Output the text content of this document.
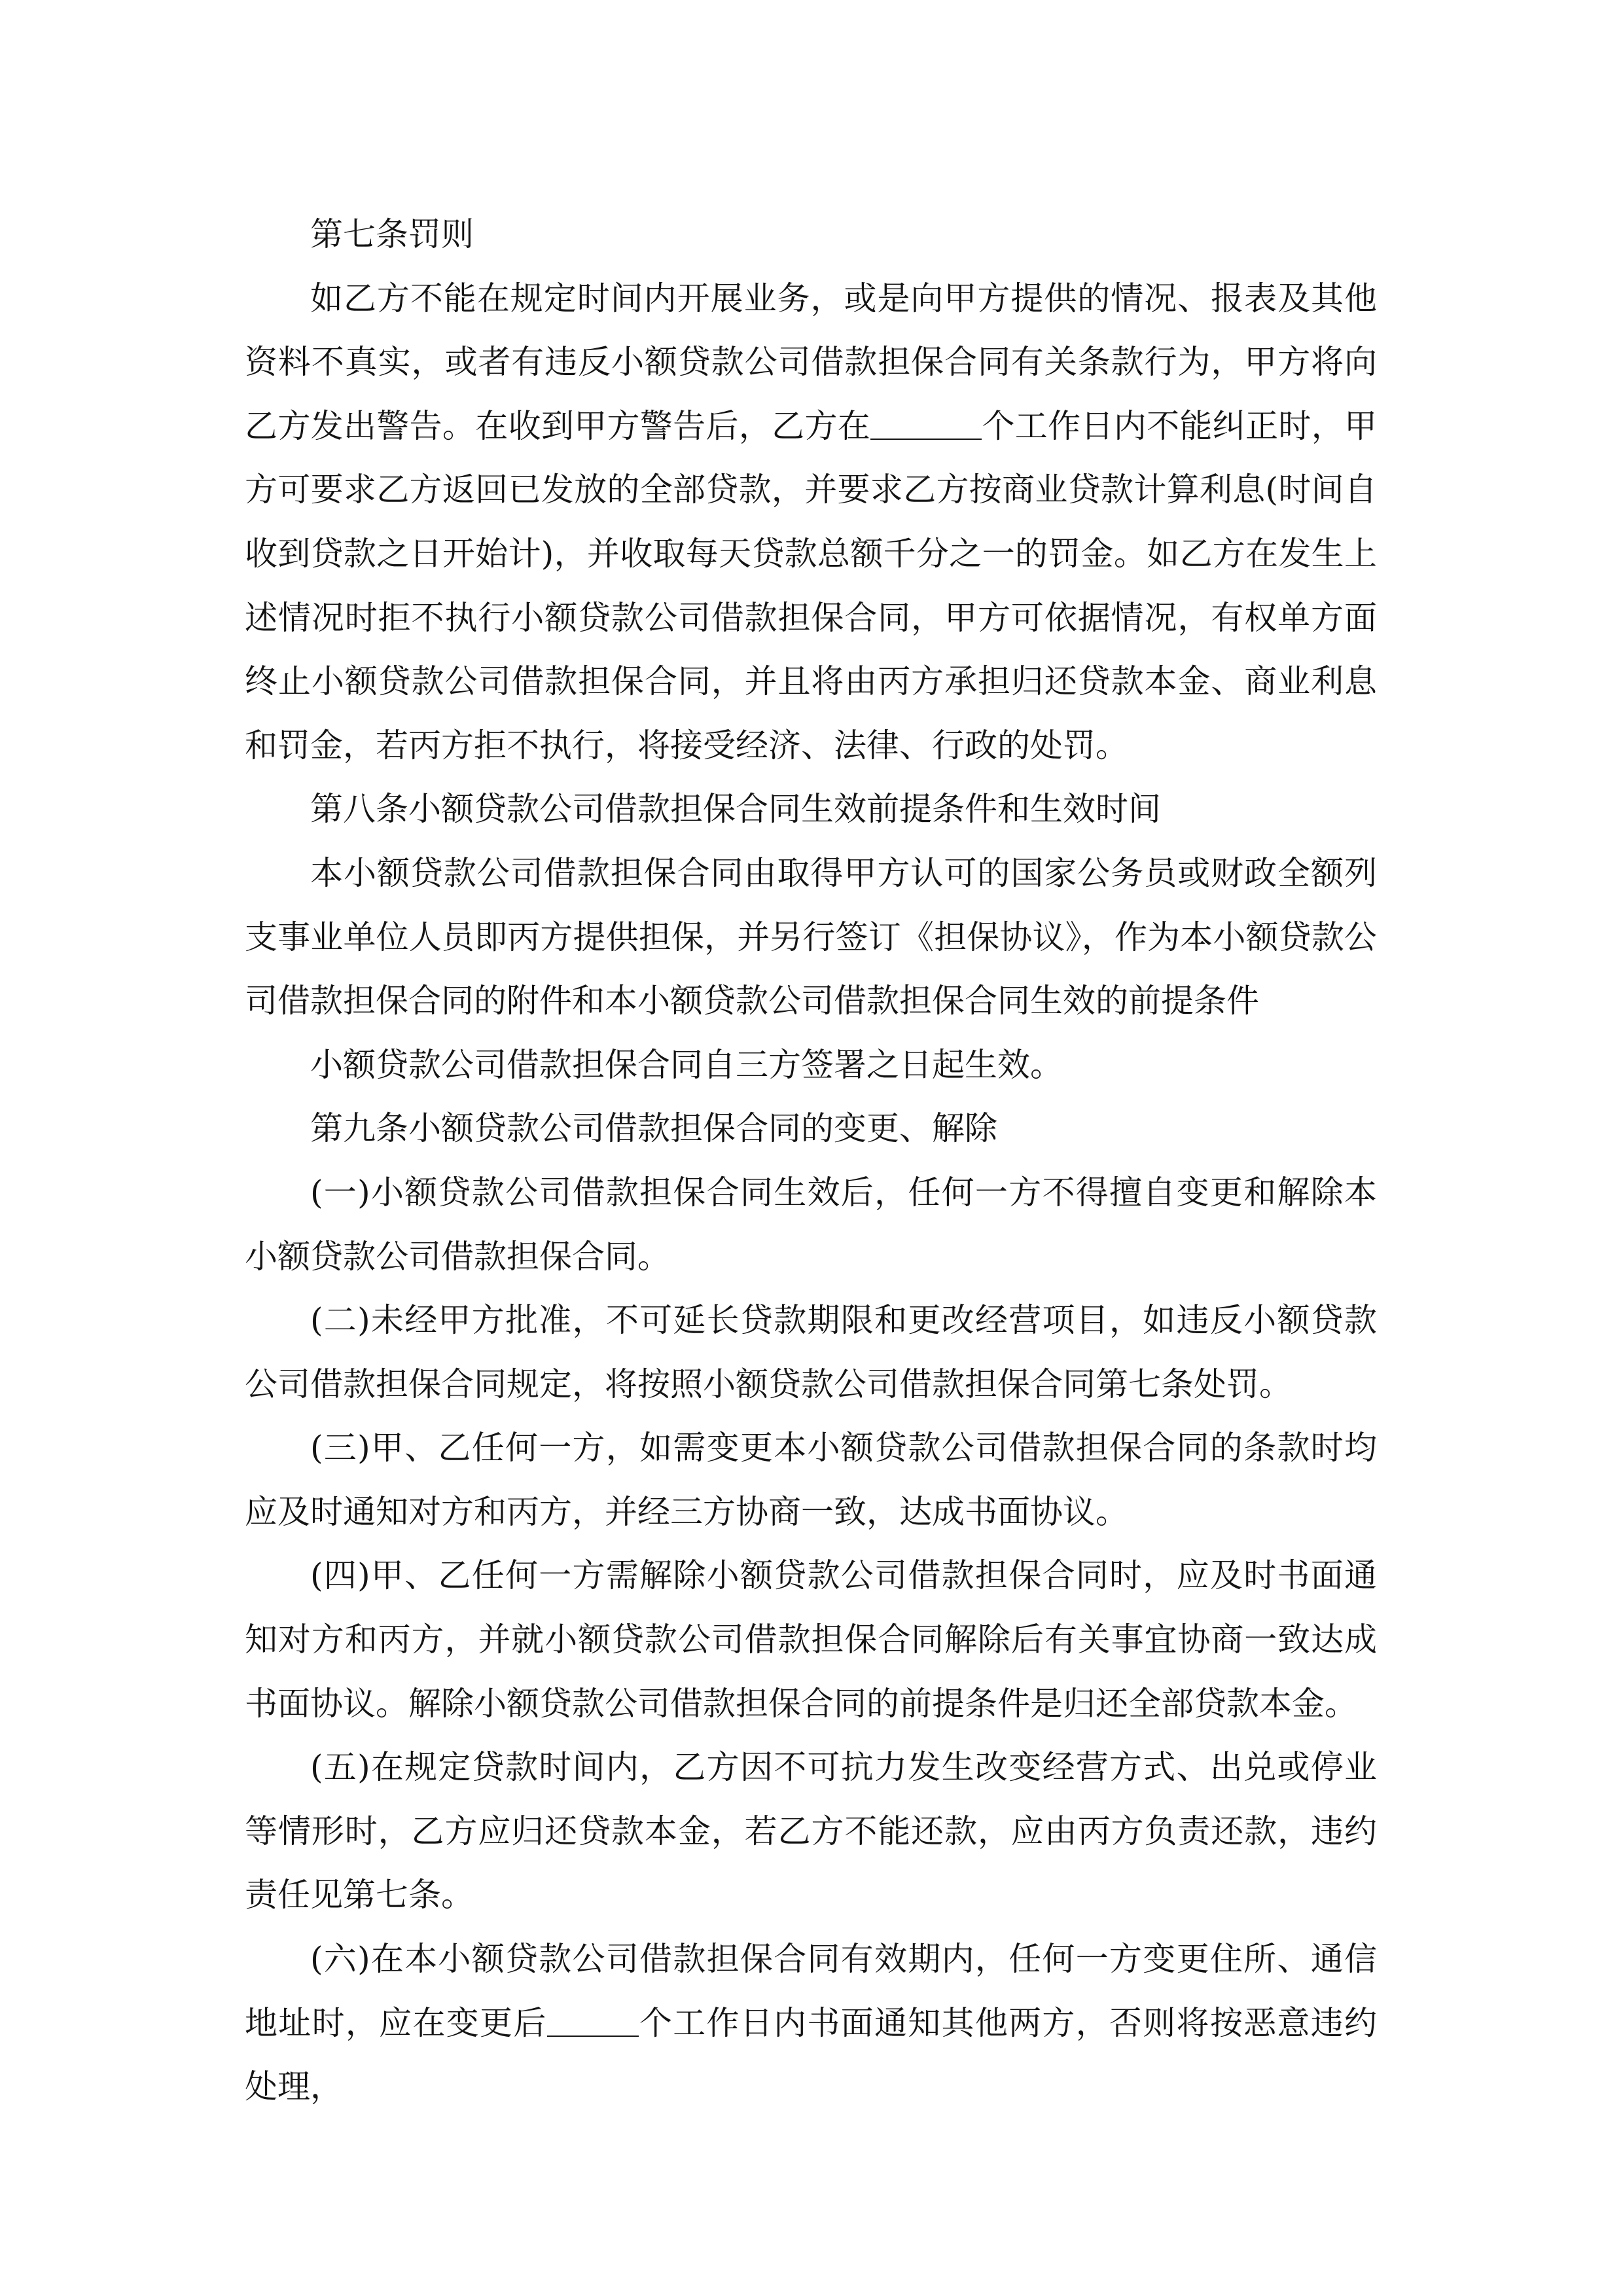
第七条罚则

如乙方不能在规定时间内开展业务，或是向甲方提供的情况、报表及其他资料不真实，或者有违反小额贷款公司借款担保合同有关条款行为，甲方将向乙方发出警告。在收到甲方警告后，乙方在	个工作日内不能纠正时，甲方可要求乙方返回已发放的全部贷款，并要求乙方按商业贷款计算利息(时间自收到贷款之日开始计)，并收取每天贷款总额千分之一的罚金。如乙方在发生上述情况时拒不执行小额贷款公司借款担保合同，甲方可依据情况，有权单方面终止小额贷款公司借款担保合同，并且将由丙方承担归还贷款本金、商业利息和罚金，若丙方拒不执行，将接受经济、法律、行政的处罚。

第八条小额贷款公司借款担保合同生效前提条件和生效时间

本小额贷款公司借款担保合同由取得甲方认可的国家公务员或财政全额列支事业单位人员即丙方提供担保，并另行签订《担保协议》，作为本小额贷款公司借款担保合同的附件和本小额贷款公司借款担保合同生效的前提条件

小额贷款公司借款担保合同自三方签署之日起生效。

第九条小额贷款公司借款担保合同的变更、解除

(一)小额贷款公司借款担保合同生效后，任何一方不得擅自变更和解除本小额贷款公司借款担保合同。

(二)未经甲方批准，不可延长贷款期限和更改经营项目，如违反小额贷款公司借款担保合同规定，将按照小额贷款公司借款担保合同第七条处罚。

(三)甲、乙任何一方，如需变更本小额贷款公司借款担保合同的条款时均应及时通知对方和丙方，并经三方协商一致，达成书面协议。

(四)甲、乙任何一方需解除小额贷款公司借款担保合同时，应及时书面通知对方和丙方，并就小额贷款公司借款担保合同解除后有关事宜协商一致达成书面协议。解除小额贷款公司借款担保合同的前提条件是归还全部贷款本金。

(五)在规定贷款时间内，乙方因不可抗力发生改变经营方式、出兑或停业等情形时，乙方应归还贷款本金，若乙方不能还款，应由丙方负责还款，违约责任见第七条。

(六)在本小额贷款公司借款担保合同有效期内，任何一方变更住所、通信地址时，应在变更后	个工作日内书面通知其他两方，否则将按恶意违约处理，
